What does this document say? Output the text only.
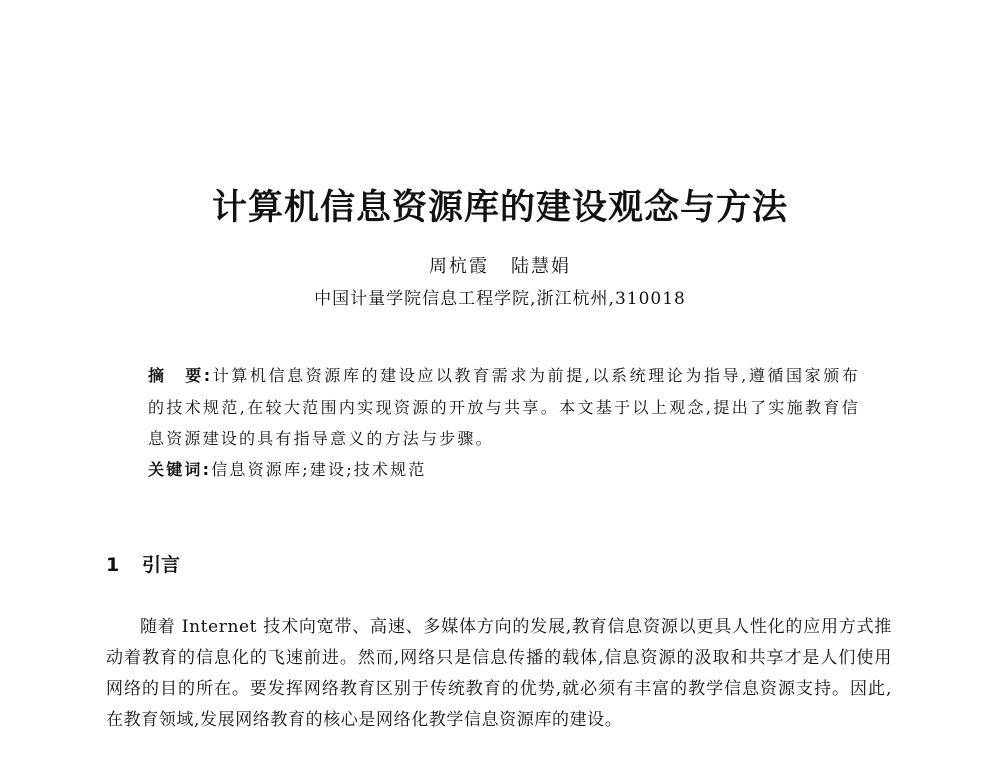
计算机信息资源库的建设观念与方法
周杭霞 陆慧娟
中国计量学院信息工程学院,浙江杭州,310018
摘　要:计算机信息资源库的建设应以教育需求为前提,以系统理论为指导,遵循国家颁布的技术规范,在较大范围内实现资源的开放与共享。本文基于以上观念,提出了实施教育信息资源建设的具有指导意义的方法与步骤。
关键词:信息资源库;建设;技术规范
1 引言

随着 Internet 技术向宽带、高速、多媒体方向的发展,教育信息资源以更具人性化的应用方式推动着教育的信息化的飞速前进。然而,网络只是信息传播的载体,信息资源的汲取和共享才是人们使用网络的目的所在。要发挥网络教育区别于传统教育的优势,就必须有丰富的教学信息资源支持。因此,在教育领域,发展网络教育的核心是网络化教学信息资源库的建设。
